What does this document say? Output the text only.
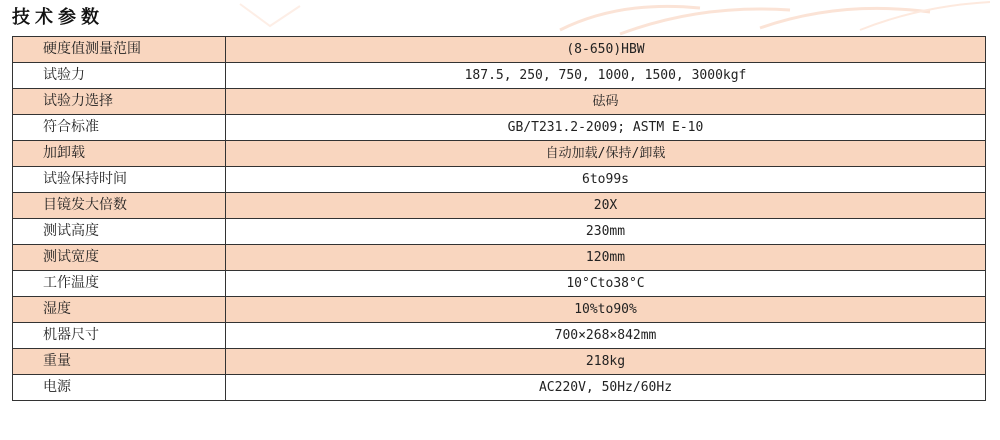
技术参数
硬度值测量范围	(8-650)HBW
试验力	187.5, 250, 750, 1000, 1500, 3000kgf
试验力选择	砝码
符合标准	GB/T231.2-2009; ASTM E-10
加卸载	自动加载/保持/卸载
试验保持时间	6to99s
目镜发大倍数	20X
测试高度	230mm
测试宽度	120mm
工作温度	10°Cto38°C
湿度	10%to90%
机器尺寸	700×268×842mm
重量	218kg
电源	AC220V, 50Hz/60Hz
